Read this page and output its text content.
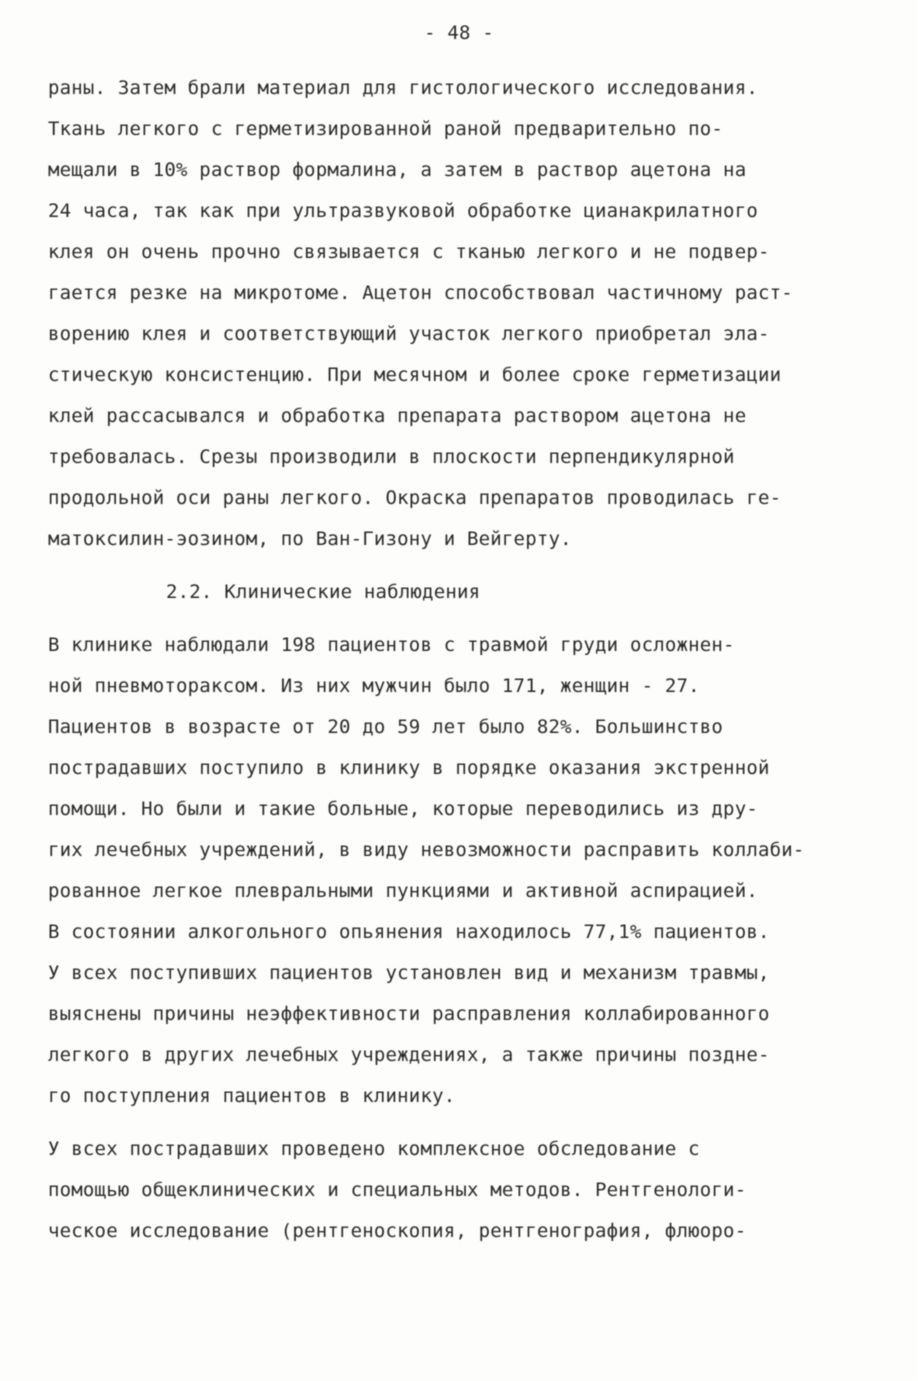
- 48 -
раны. Затем брали материал для гистологического исследования.
Ткань легкого с герметизированной раной предварительно по-
мещали в 10% раствор формалина, а затем в раствор ацетона на
24 часа, так как при ультразвуковой обработке цианакрилатного
клея он очень прочно связывается с тканью легкого и не подвер-
гается резке на микротоме. Ацетон способствовал частичному раст-
ворению клея и соответствующий участок легкого приобретал эла-
стическую консистенцию. При месячном и более сроке герметизации
клей рассасывался и обработка препарата раствором ацетона не
требовалась. Срезы производили в плоскости перпендикулярной
продольной оси раны легкого. Окраска препаратов проводилась ге-
матоксилин-эозином, по Ван-Гизону и Вейгерту.
2.2. Клинические наблюдения
В клинике наблюдали 198 пациентов с травмой груди осложнен-
ной пневмотораксом. Из них мужчин было 171, женщин - 27.
Пациентов в возрасте от 20 до 59 лет было 82%. Большинство
пострадавших поступило в клинику в порядке оказания экстренной
помощи. Но были и такие больные, которые переводились из дру-
гих лечебных учреждений, в виду невозможности расправить коллаби-
рованное легкое плевральными пункциями и активной аспирацией.
В состоянии алкогольного опьянения находилось 77,1% пациентов.
У всех поступивших пациентов установлен вид и механизм травмы,
выяснены причины неэффективности расправления коллабированного
легкого в других лечебных учреждениях, а также причины поздне-
го поступления пациентов в клинику.
У всех пострадавших проведено комплексное обследование с
помощью общеклинических и специальных методов. Рентгенологи-
ческое исследование (рентгеноскопия, рентгенография, флюоро-
